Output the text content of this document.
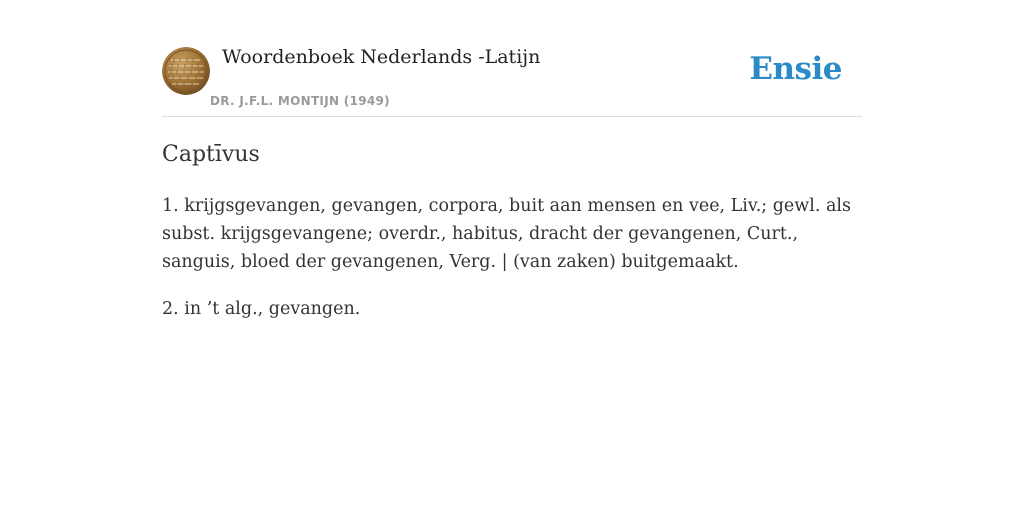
Woordenboek Nederlands -Latijn
DR. J.F.L. MONTIJN (1949)
Ensie
Captīvus

1. krijgsgevangen, gevangen, corpora, buit aan mensen en vee, Liv.; gewl. als subst. krijgsgevangene; overdr., habitus, dracht der gevangenen, Curt., sanguis, bloed der gevangenen, Verg. | (van zaken) buitgemaakt.

2. in ’t alg., gevangen.
